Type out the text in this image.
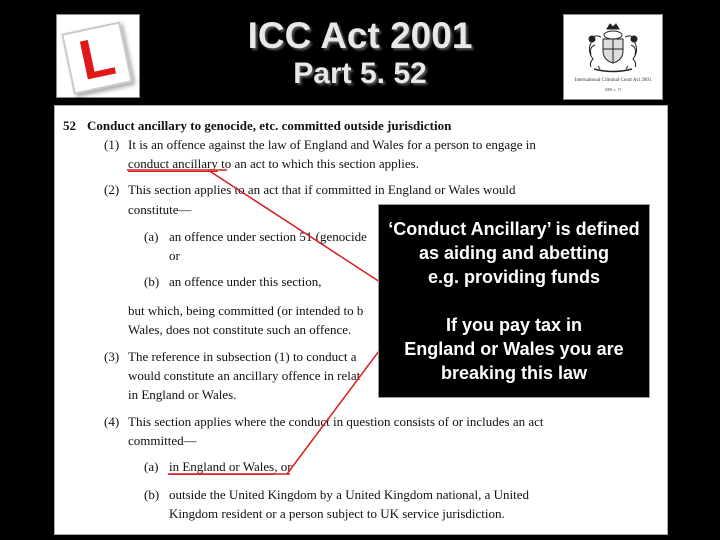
L	ICC Act 2001
Part 5. 52	International Criminal Court Act 2001
2001 c. 17
52 Conduct ancillary to genocide, etc. committed outside jurisdiction
(1) It is an offence against the law of England and Wales for a person to engage in
conduct ancillary to an act to which this section applies.
(2) This section applies to an act that if committed in England or Wales would
constitute—
(a) an offence under section 51 (genocide
or
(b) an offence under this section,
but which, being committed (or intended to b
Wales, does not constitute such an offence.
(3) The reference in subsection (1) to conduct a
would constitute an ancillary offence in relat
in England or Wales.
(4) This section applies where the conduct in question consists of or includes an act
committed—
(a) in England or Wales, or
(b) outside the United Kingdom by a United Kingdom national, a United
Kingdom resident or a person subject to UK service jurisdiction.

‘Conduct Ancillary’ is defined

as aiding and abetting

e.g. providing funds

If you pay tax in

England or Wales you are

breaking this law
